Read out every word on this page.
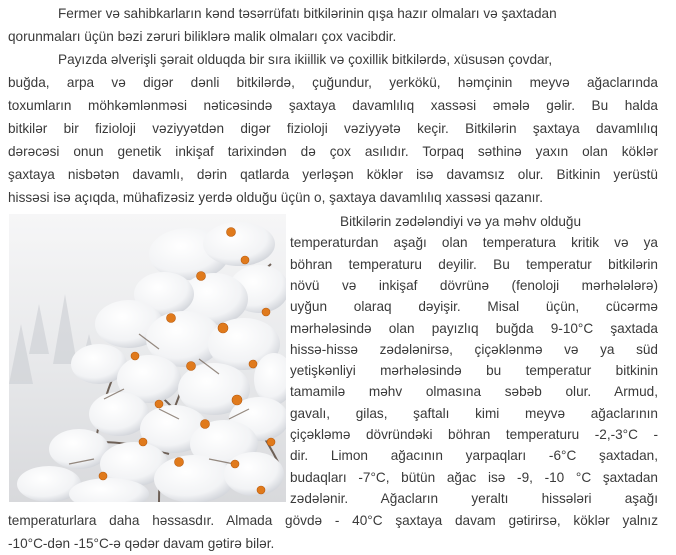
Fermer və sahibkarların kənd təsərrüfatı bitkilərinin qışa hazır olmaları və şaxtadan
qorunmaları üçün bəzi zəruri biliklərə malik olmaları çox vacibdir.
Payızda əlverişli şərait olduqda bir sıra ikiillik və çoxillik bitkilərdə, xüsusən çovdar,
buğda, arpa və digər dənli bitkilərdə, çuğundur, yerkökü, həmçinin meyvə ağaclarında
toxumların möhkəmlənməsi nəticəsində şaxtaya davamlılıq xassəsi əmələ gəlir. Bu halda
bitkilər bir fizioloji vəziyyətdən digər fizioloji vəziyyətə keçir. Bitkilərin şaxtaya davamlılıq
dərəcəsi onun genetik inkişaf tarixindən də çox asılıdır. Torpaq səthinə yaxın olan köklər
şaxtaya nisbətən davamlı, dərin qatlarda yerləşən köklər isə davamsız olur. Bitkinin yerüstü
hissəsi isə açıqda, mühafizəsiz yerdə olduğu üçün o, şaxtaya davamlılıq xassəsi qazanır.
Bitkilərin zədələndiyi və ya məhv olduğu
temperaturdan aşağı olan temperatura kritik və ya
böhran temperaturu deyilir. Bu temperatur bitkilərin
növü və inkişaf dövrünə (fenoloji mərhələlərə)
uyğun olaraq dəyişir. Misal üçün, cücərmə
mərhələsində olan payızlıq buğda 9-10°C şaxtada
hissə-hissə zədələnirsə, çiçəklənmə və ya süd
yetişkənliyi mərhələsində bu temperatur bitkinin
tamamilə məhv olmasına səbəb olur. Armud,
gavalı, gilas, şaftalı kimi meyvə ağaclarının
çiçəkləmə dövründəki böhran temperaturu -2,-3°C -
dir. Limon ağacının yarpaqları -6°C şaxtadan,
budaqları -7°C, bütün ağac isə -9, -10 °C şaxtadan
zədələnir. Ağacların yeraltı hissələri aşağı
temperaturlara daha həssasdır. Almada gövdə - 40°C şaxtaya davam gətirirsə, köklər yalnız
-10°C-dən -15°C-ə qədər davam gətirə bilər.
